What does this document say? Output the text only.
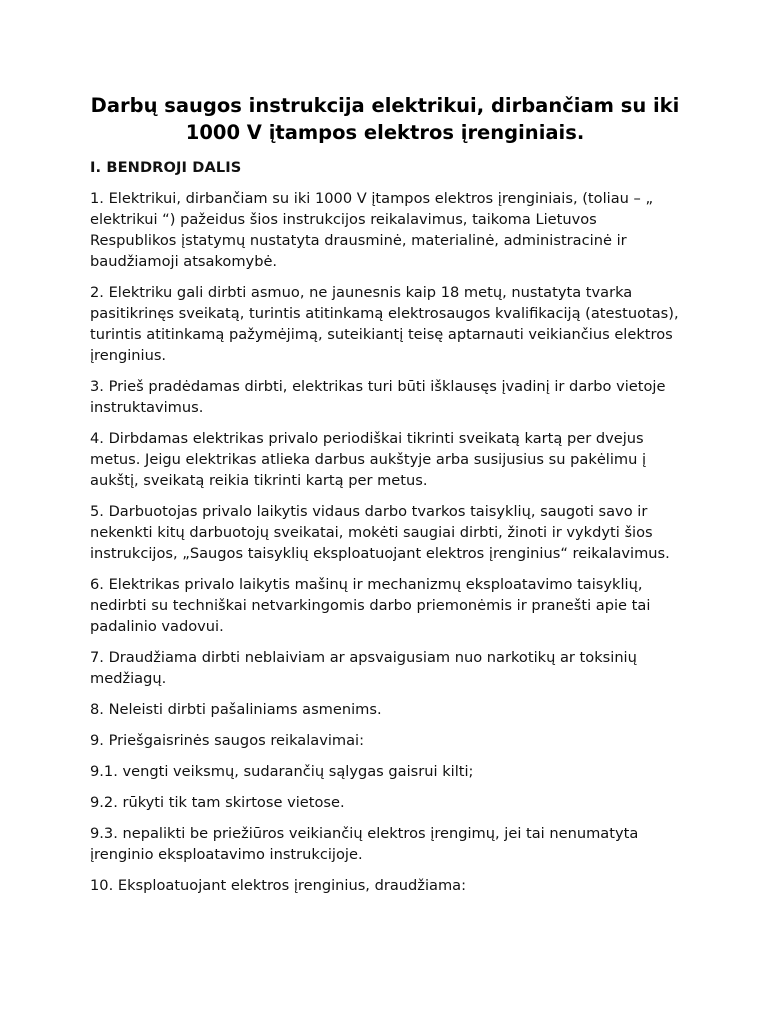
Darbų saugos instrukcija elektrikui, dirbančiam su iki 1000 V įtampos elektros įrenginiais.
I. BENDROJI DALIS

1. Elektrikui, dirbančiam su iki 1000 V įtampos elektros įrenginiais, (toliau – „ elektrikui “) pažeidus šios instrukcijos reikalavimus, taikoma Lietuvos Respublikos įstatymų nustatyta drausminė, materialinė, administracinė ir baudžiamoji atsakomybė.

2. Elektriku gali dirbti asmuo, ne jaunesnis kaip 18 metų, nustatyta tvarka pasitikrinęs sveikatą, turintis atitinkamą elektrosaugos kvalifikaciją (atestuotas), turintis atitinkamą pažymėjimą, suteikiantį teisę aptarnauti veikiančius elektros įrenginius.

3. Prieš pradėdamas dirbti, elektrikas turi būti išklausęs įvadinį ir darbo vietoje instruktavimus.

4. Dirbdamas elektrikas privalo periodiškai tikrinti sveikatą kartą per dvejus metus. Jeigu elektrikas atlieka darbus aukštyje arba susijusius su pakėlimu į aukštį, sveikatą reikia tikrinti kartą per metus.

5. Darbuotojas privalo laikytis vidaus darbo tvarkos taisyklių, saugoti savo ir nekenkti kitų darbuotojų sveikatai, mokėti saugiai dirbti, žinoti ir vykdyti šios instrukcijos, „Saugos taisyklių eksploatuojant elektros įrenginius“ reikalavimus.

6. Elektrikas privalo laikytis mašinų ir mechanizmų eksploatavimo taisyklių, nedirbti su techniškai netvarkingomis darbo priemonėmis ir pranešti apie tai padalinio vadovui.

7. Draudžiama dirbti neblaiviam ar apsvaigusiam nuo narkotikų ar toksinių medžiagų.

8. Neleisti dirbti pašaliniams asmenims.

9. Priešgaisrinės saugos reikalavimai:

9.1. vengti veiksmų, sudarančių sąlygas gaisrui kilti;

9.2. rūkyti tik tam skirtose vietose.

9.3. nepalikti be priežiūros veikiančių elektros įrengimų, jei tai nenumatyta įrenginio eksploatavimo instrukcijoje.

10. Eksploatuojant elektros įrenginius, draudžiama:
